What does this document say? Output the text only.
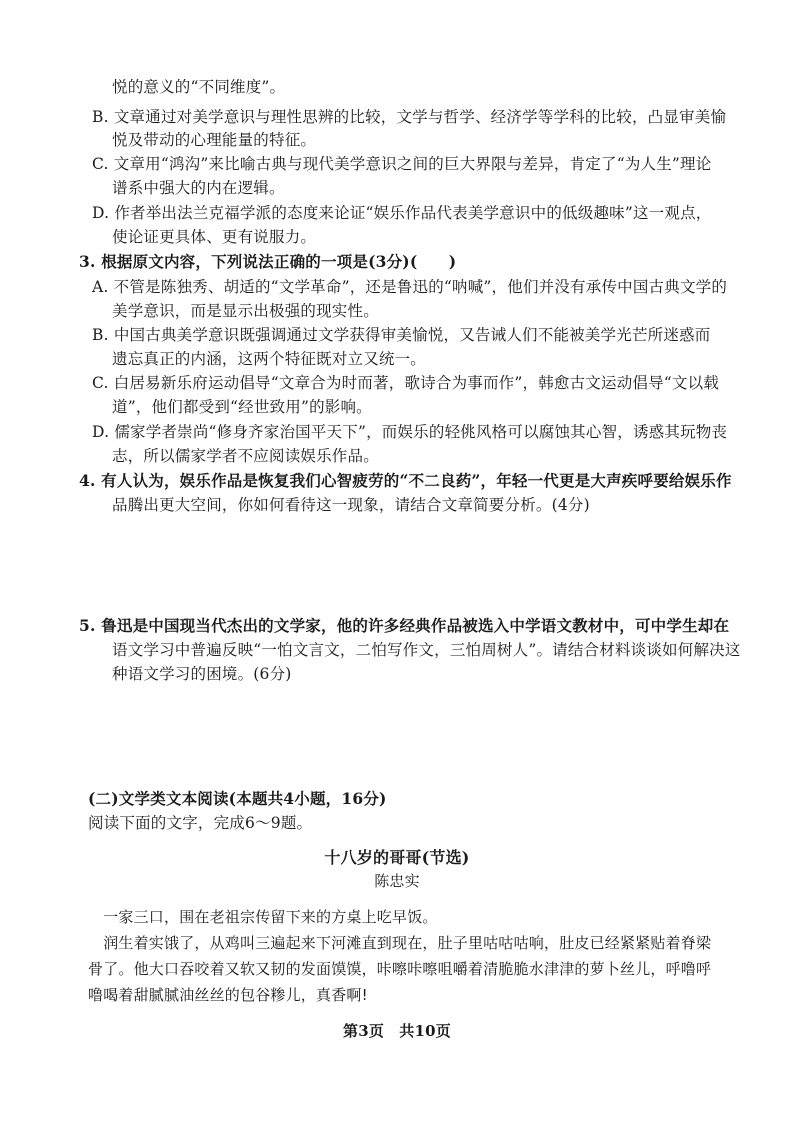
悦的意义的“不同维度”。
B. 文章通过对美学意识与理性思辨的比较，文学与哲学、经济学等学科的比较，凸显审美愉
悦及带动的心理能量的特征。
C. 文章用“鸿沟”来比喻古典与现代美学意识之间的巨大界限与差异，肯定了“为人生”理论
谱系中强大的内在逻辑。
D. 作者举出法兰克福学派的态度来论证“娱乐作品代表美学意识中的低级趣味”这一观点，
使论证更具体、更有说服力。
3. 根据原文内容，下列说法正确的一项是(3分)(　　)
A. 不管是陈独秀、胡适的“文学革命”，还是鲁迅的“呐喊”，他们并没有承传中国古典文学的
美学意识，而是显示出极强的现实性。
B. 中国古典美学意识既强调通过文学获得审美愉悦，又告诫人们不能被美学光芒所迷惑而
遗忘真正的内涵，这两个特征既对立又统一。
C. 白居易新乐府运动倡导“文章合为时而著，歌诗合为事而作”，韩愈古文运动倡导“文以载
道”，他们都受到“经世致用”的影响。
D. 儒家学者崇尚“修身齐家治国平天下”，而娱乐的轻佻风格可以腐蚀其心智，诱惑其玩物丧
志，所以儒家学者不应阅读娱乐作品。
4. 有人认为，娱乐作品是恢复我们心智疲劳的“不二良药”，年轻一代更是大声疾呼要给娱乐作
品腾出更大空间，你如何看待这一现象，请结合文章简要分析。(4分)
5. 鲁迅是中国现当代杰出的文学家，他的许多经典作品被选入中学语文教材中，可中学生却在
语文学习中普遍反映“一怕文言文，二怕写作文，三怕周树人”。请结合材料谈谈如何解决这
种语文学习的困境。(6分)
(二)文学类文本阅读(本题共4小题，16分)
阅读下面的文字，完成6～9题。
十八岁的哥哥(节选)
陈忠实
　一家三口，围在老祖宗传留下来的方桌上吃早饭。
　润生着实饿了，从鸡叫三遍起来下河滩直到现在，肚子里咕咕咕响，肚皮已经紧紧贴着脊梁
骨了。他大口吞咬着又软又韧的发面馍馍，咔嚓咔嚓咀嚼着清脆脆水津津的萝卜丝儿，呼噜呼
噜喝着甜腻腻油丝丝的包谷糁儿，真香啊!
第3页　共10页
